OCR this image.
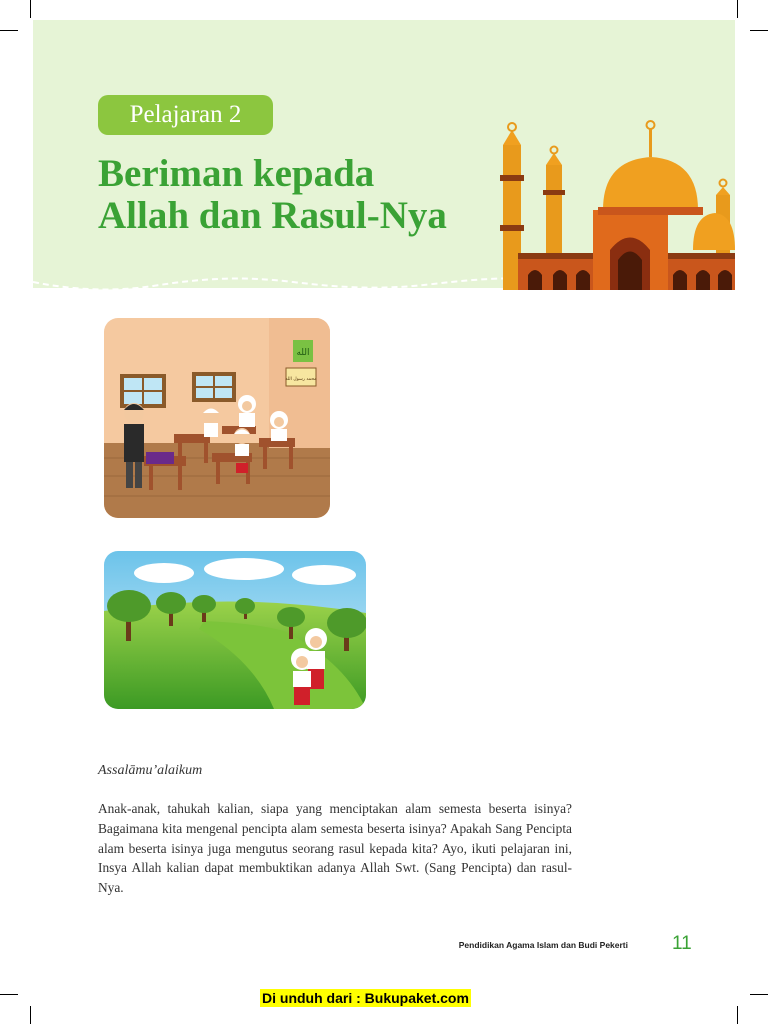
Pelajaran 2
Beriman kepada
Allah dan Rasul-Nya
الله
محمد رسول الله
Assalāmu’alaikum

Anak-anak, tahukah kalian, siapa yang menciptakan alam semesta beserta isinya? Bagaimana kita mengenal pencipta alam semesta beserta isinya? Apakah Sang Pencipta alam beserta isinya juga mengutus seorang rasul kepada kita? Ayo, ikuti pelajaran ini, Insya Allah kalian dapat membuktikan adanya Allah Swt. (Sang Pencipta) dan rasul-Nya.

Pendidikan Agama Islam dan Budi Pekerti 11
Di unduh dari : Bukupaket.com
